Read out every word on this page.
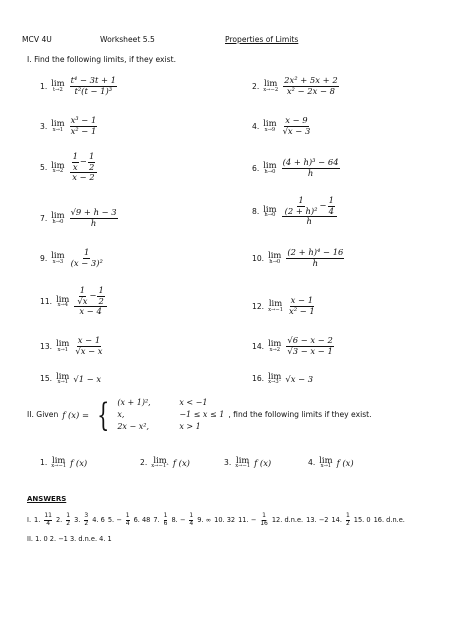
MCV 4U	Worksheet 5.5	Properties of Limits
I. Find the following limits, if they exist.
1. lim
$t\to 2 \frac{\text{t⁴ − 3t + 1}}{\text{t²(t − 1)³}}$	2. lim
$x\to-2 \frac{\text{2x² + 5x + 2}}{\text{x² − 2x − 8}}$
3. lim
$x\to 1 \frac{\text{x³ − 1}}{\text{x² − 1}}$	4. lim
$x\to 9 \frac{x - 9}{√x - 3}$
5. lim
$x\to 2 \frac{\frac{1}{x} - \frac{1}{2}}{x - 2}$	6. lim
$h\to 0 \frac{\text{(4 + h)³ − 64}}{h}$
7. lim
$h\to 0 \frac{√9 + h - 3}{h}$	8. lim
$h\to 0 \frac{\frac{1}{\text{(2 + h)²}} - \frac{1}{4}}{h}$
9. lim
$x\to 3 \frac{1}{\text{(x − 3)²}}$	10. lim
$h\to 0 \frac{\text{(2 + h)⁴ − 16}}{h}$
11. lim
$x\to 4 \frac{\frac{1}{√x} - \frac{1}{2}}{x - 4}$	12. lim
$x\to-1 \frac{x - 1}{\text{x² − 1}}$
13. lim
$x\to 1 \frac{x - 1}{√x - x}$	14. lim
$x\to 2 \frac{√6 - x - 2}{√3 - x - 1}$
15. lim
x→1 √1 − x	16. lim
x→3⁻ √x − 3
II. Given f (x) = { (x + 1)²,	x < −1
x,	−1 ≤ x ≤ 1
2x − x²,	x > 1
, find the following limits if they exist.
1. lim
x→−1 f (x)	2. lim
x→−1⁺ f (x)	3. lim
x→−1 f (x)	4. lim
x→1 f (x)
ANSWERS
I. 1. $\frac{11}{4} 2$. $\frac{1}{2} 3$. $\frac{3}{2} 4$. 6 5. − $\frac{1}{4} 6$. 48 7. $\frac{1}{6} 8$. − $\frac{1}{4} 9$. ∞ 10. 32 11. − $\frac{1}{16} 12$. d.n.e. 13. −2 14. $\frac{1}{2} 15$. 0 16. d.n.e.
II. 1. 0 2. −1 3. d.n.e. 4. 1
